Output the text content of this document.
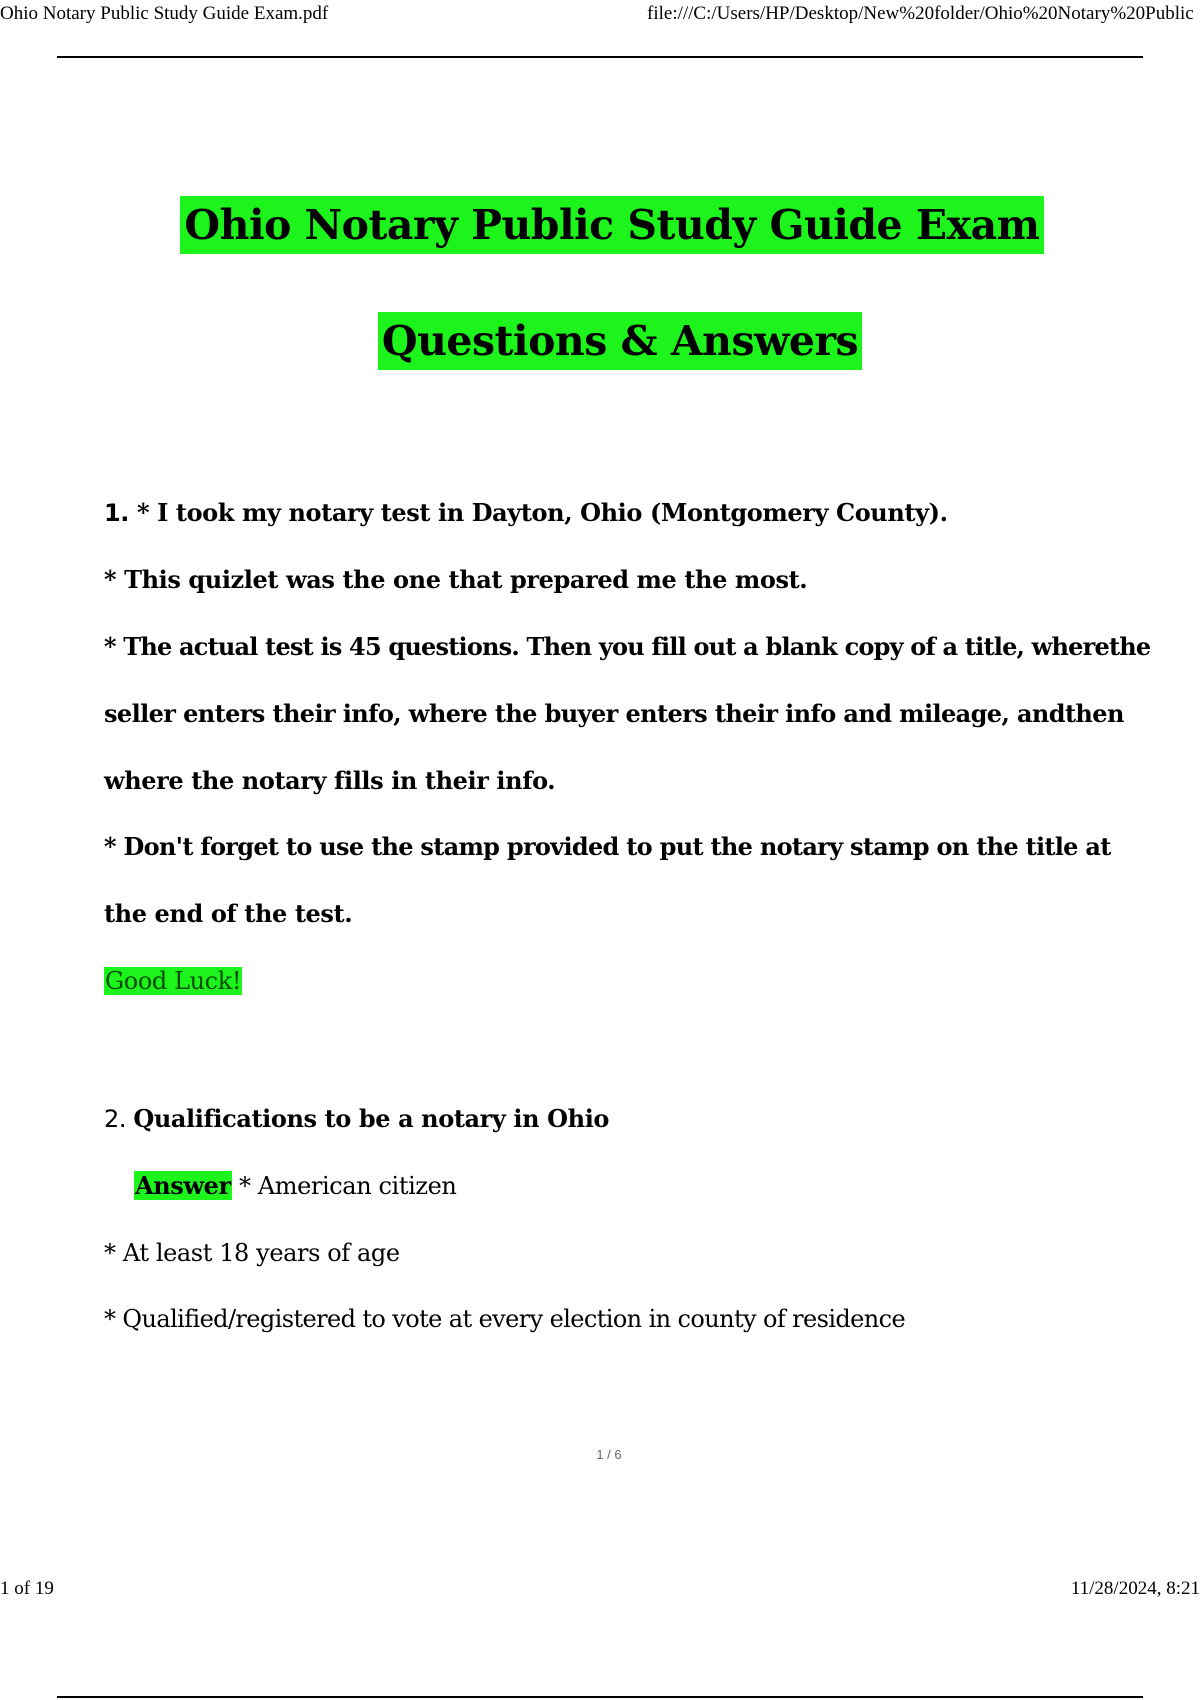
Ohio Notary Public Study Guide Exam.pdf	file:///C:/Users/HP/Desktop/New%20folder/Ohio%20Notary%20Public
Ohio Notary Public Study Guide Exam
Questions & Answers
1. * I took my notary test in Dayton, Ohio (Montgomery County).
* This quizlet was the one that prepared me the most.
* The actual test is 45 questions. Then you fill out a blank copy of a title, wherethe
seller enters their info, where the buyer enters their info and mileage, andthen
where the notary fills in their info.
* Don't forget to use the stamp provided to put the notary stamp on the title at
the end of the test.
Good Luck!
2. Qualifications to be a notary in Ohio
Answer * American citizen
* At least 18 years of age
* Qualified/registered to vote at every election in county of residence
1 / 6
1 of 19	11/28/2024, 8:21
